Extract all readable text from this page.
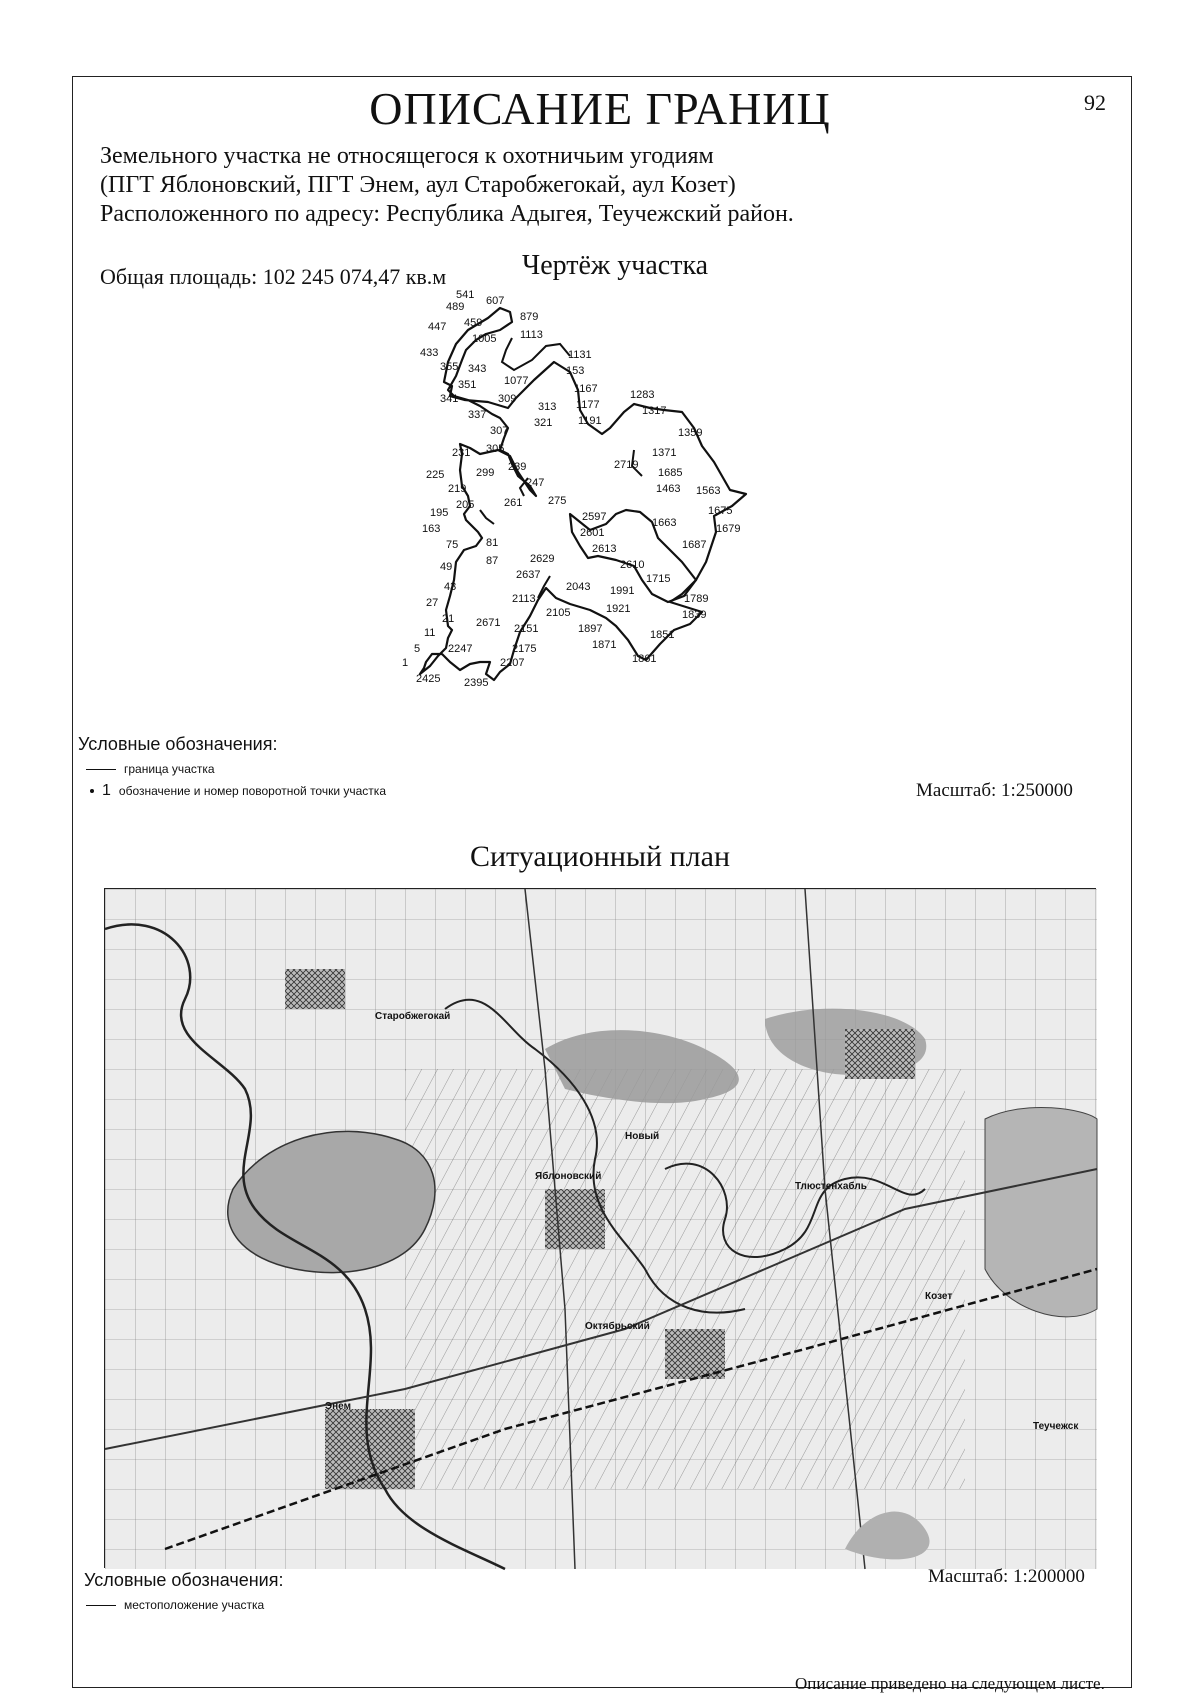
ОПИСАНИЕ ГРАНИЦ	92
Земельного участка не относящегося к охотничьим угодиям
(ПГТ Яблоновский, ПГТ Энем, аул Старобжегокай, аул Козет)
Расположенного по адресу: Республика Адыгея, Теучежский район.
Общая площадь: 102 245 074,47 кв.м	Чертёж участка
541 607
489
459	879
447
1005 1113
433	1131
355 343	153
351	1077
1167
341	309
313 1177
1283
337
321 1191
1317
307	1359
231 305	1371
299 239	2719
1685
225
247	1463 1563
219
275
205	261
1675
195	2597
163	1663	1679
2601
75	81	2613	1687
87	2629
49
2637
2610
1715
43	2043 1991
27	2113	1789
2105	1921
21	1839
2671 2151	1897	1851
11
1871
5	2247	2175
1861
1	2207
2425 2395
Условные обозначения:
граница участка
1 обозначение и номер поворотной точки участка	Масштаб: 1:250000
Ситуационный план
Старобжегокай
Яблоновский
Энем
Козет
Новый
Октябрьский
Тлюстенхабль
Теучежск
Условные обозначения:	Масштаб: 1:200000
местоположение участка
Описание приведено на следующем листе.
